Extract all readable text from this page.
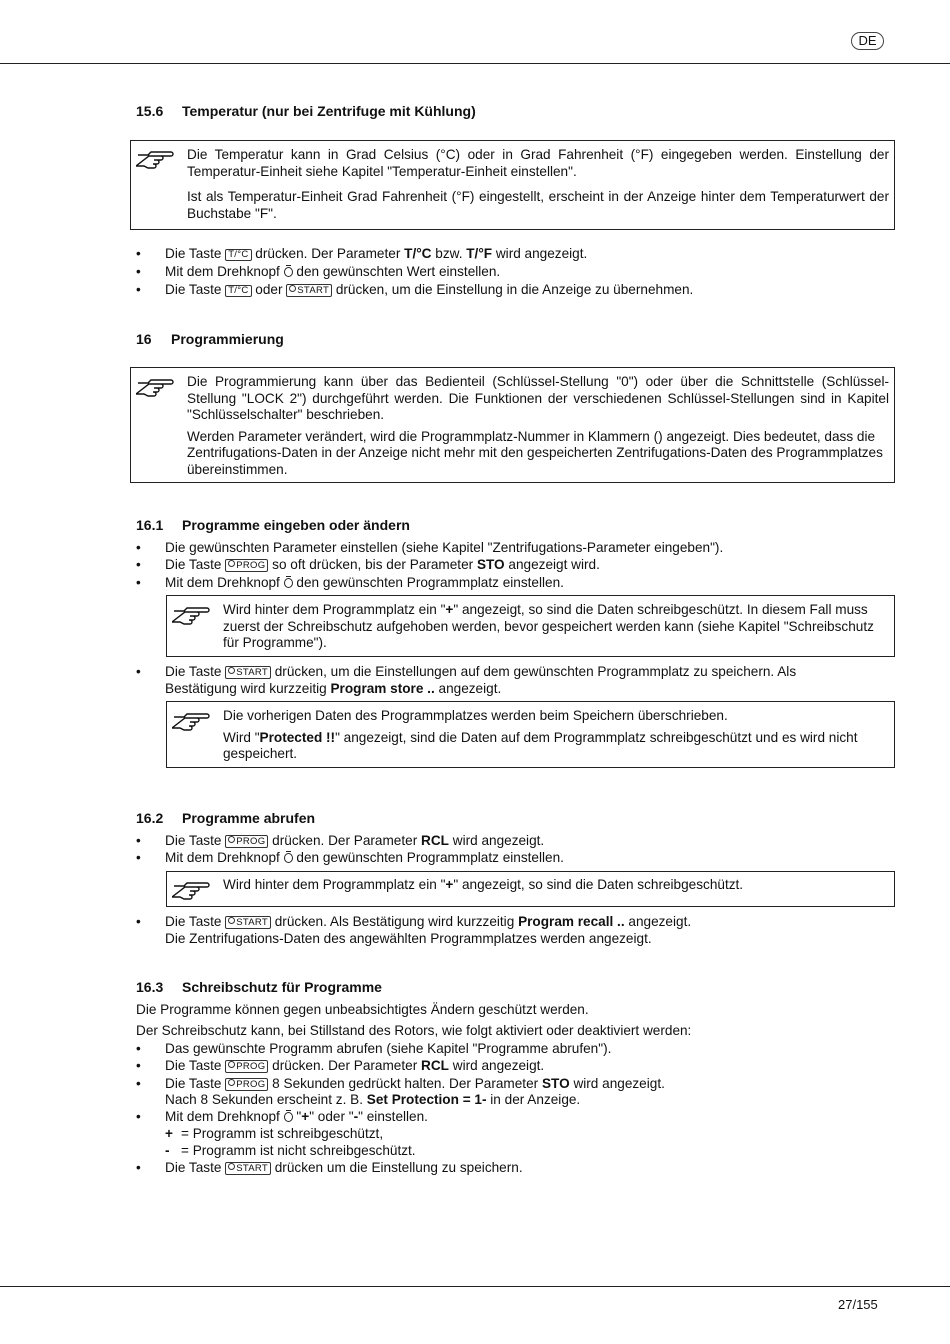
DE
15.6 Temperatur (nur bei Zentrifuge mit Kühlung)

Die Temperatur kann in Grad Celsius (°C) oder in Grad Fahrenheit (°F) eingegeben werden. Einstellung der Temperatur-Einheit siehe Kapitel "Temperatur-Einheit einstellen".

Ist als Temperatur-Einheit Grad Fahrenheit (°F) eingestellt, erscheint in der Anzeige hinter dem Temperaturwert der Buchstabe "F".

• Die Taste T/°C drücken. Der Parameter T/°C bzw. T/°F wird angezeigt.
• Mit dem Drehknopf den gewünschten Wert einstellen.
• Die Taste T/°C oder START drücken, um die Einstellung in die Anzeige zu übernehmen.
16 Programmierung

Die Programmierung kann über das Bedienteil (Schlüssel-Stellung "0") oder über die Schnittstelle (Schlüssel-Stellung "LOCK 2") durchgeführt werden. Die Funktionen der verschiedenen Schlüssel-Stellungen sind in Kapitel "Schlüsselschalter" beschrieben.

Werden Parameter verändert, wird die Programmplatz-Nummer in Klammern () angezeigt. Dies bedeutet, dass die Zentrifugations-Daten in der Anzeige nicht mehr mit den gespeicherten Zentrifugations-Daten des Programmplatzes übereinstimmen.

16.1 Programme eingeben oder ändern
• Die gewünschten Parameter einstellen (siehe Kapitel "Zentrifugations-Parameter eingeben").
• Die Taste PROG so oft drücken, bis der Parameter STO angezeigt wird.
• Mit dem Drehknopf den gewünschten Programmplatz einstellen.

Wird hinter dem Programmplatz ein "+" angezeigt, so sind die Daten schreibgeschützt. In diesem Fall muss zuerst der Schreibschutz aufgehoben werden, bevor gespeichert werden kann (siehe Kapitel "Schreibschutz für Programme").

• Die Taste START drücken, um die Einstellungen auf dem gewünschten Programmplatz zu speichern. Als
Bestätigung wird kurzzeitig Program store .. angezeigt.

Die vorherigen Daten des Programmplatzes werden beim Speichern überschrieben.

Wird "Protected !!" angezeigt, sind die Daten auf dem Programmplatz schreibgeschützt und es wird nicht gespeichert.

16.2 Programme abrufen
• Die Taste PROG drücken. Der Parameter RCL wird angezeigt.
• Mit dem Drehknopf den gewünschten Programmplatz einstellen.

Wird hinter dem Programmplatz ein "+" angezeigt, so sind die Daten schreibgeschützt.

• Die Taste START drücken. Als Bestätigung wird kurzzeitig Program recall .. angezeigt.
Die Zentrifugations-Daten des angewählten Programmplatzes werden angezeigt.
16.3 Schreibschutz für Programme
Die Programme können gegen unbeabsichtigtes Ändern geschützt werden.
Der Schreibschutz kann, bei Stillstand des Rotors, wie folgt aktiviert oder deaktiviert werden:
• Das gewünschte Programm abrufen (siehe Kapitel "Programme abrufen").
• Die Taste PROG drücken. Der Parameter RCL wird angezeigt.
• Die Taste PROG 8 Sekunden gedrückt halten. Der Parameter STO wird angezeigt.
Nach 8 Sekunden erscheint z. B. Set Protection = 1- in der Anzeige.
• Mit dem Drehknopf "+" oder "-" einstellen.
+ = Programm ist schreibgeschützt,
- = Programm ist nicht schreibgeschützt.
• Die Taste START drücken um die Einstellung zu speichern.
27/155
